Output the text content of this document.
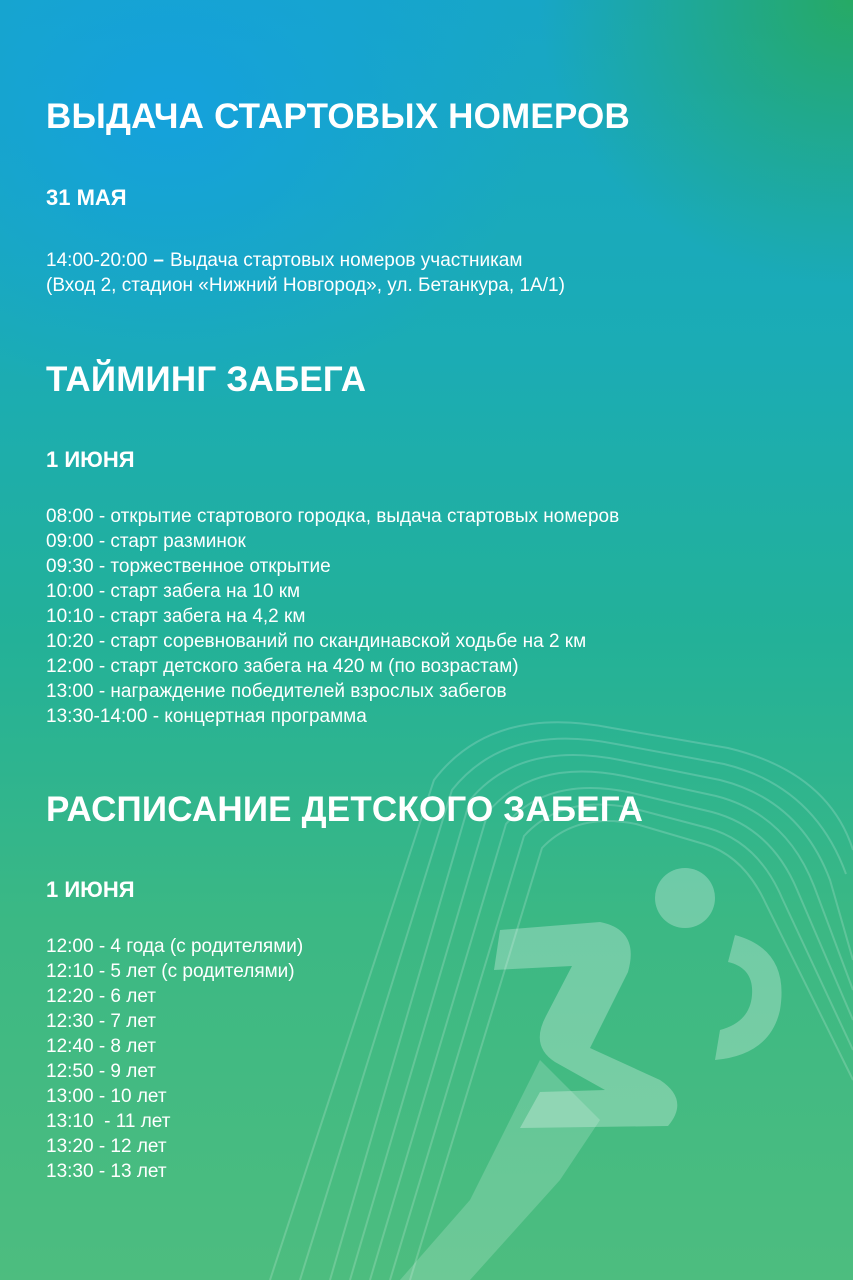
ВЫДАЧА СТАРТОВЫХ НОМЕРОВ
31 МАЯ
14:00-20:00 – Выдача стартовых номеров участникам
(Вход 2, стадион «Нижний Новгород», ул. Бетанкура, 1А/1)
ТАЙМИНГ ЗАБЕГА
1 ИЮНЯ
08:00 - открытие стартового городка, выдача стартовых номеров
09:00 - старт разминок
09:30 - торжественное открытие
10:00 - старт забега на 10 км
10:10 - старт забега на 4,2 км
10:20 - старт соревнований по скандинавской ходьбе на 2 км
12:00 - старт детского забега на 420 м (по возрастам)
13:00 - награждение победителей взрослых забегов
13:30-14:00 - концертная программа
РАСПИСАНИЕ ДЕТСКОГО ЗАБЕГА
1 ИЮНЯ
12:00 - 4 года (с родителями)
12:10 - 5 лет (с родителями)
12:20 - 6 лет
12:30 - 7 лет
12:40 - 8 лет
12:50 - 9 лет
13:00 - 10 лет
13:10  - 11 лет
13:20 - 12 лет
13:30 - 13 лет
